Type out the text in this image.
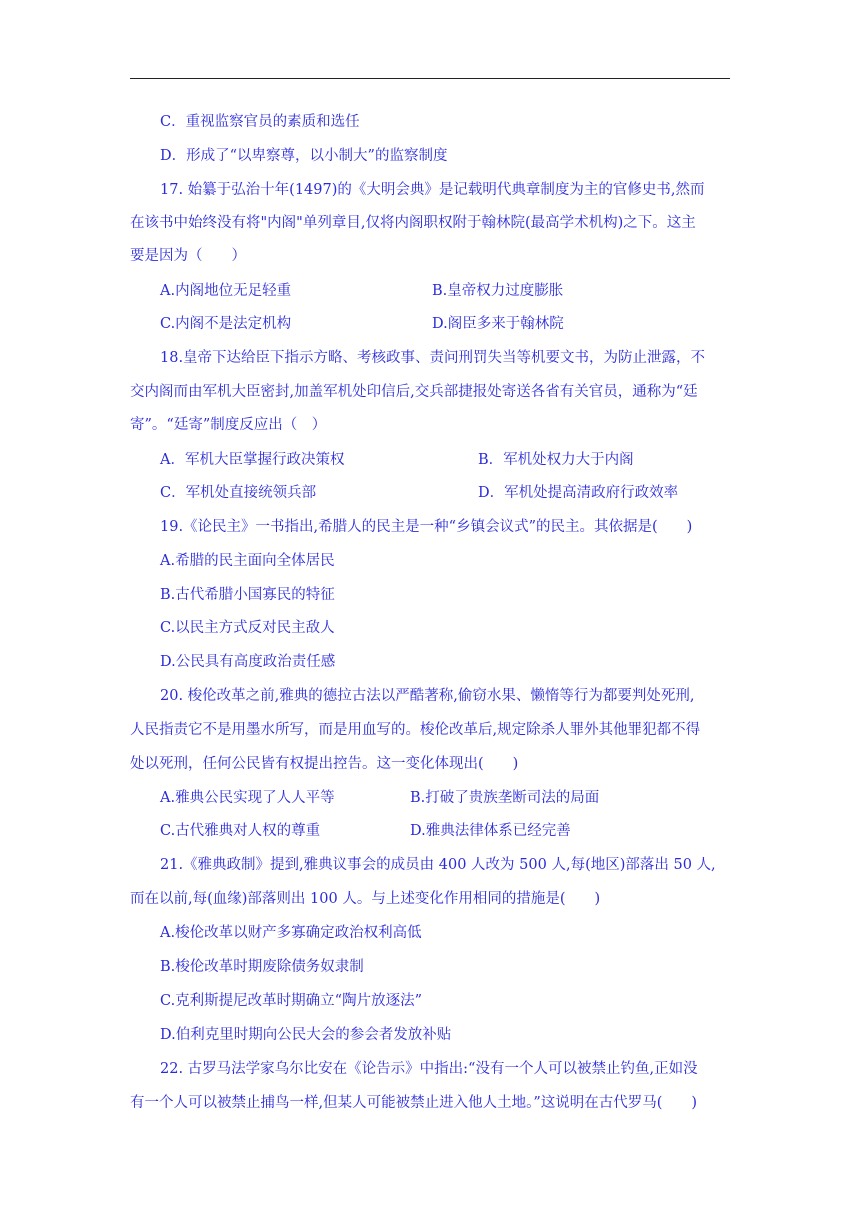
C．重视监察官员的素质和选任
D．形成了“以卑察尊，以小制大”的监察制度
17. 始纂于弘治十年(1497)的《大明会典》是记载明代典章制度为主的官修史书,然而
在该书中始终没有将"内阁"单列章目,仅将内阁职权附于翰林院(最高学术机构)之下。这主
要是因为（　　）
A.内阁地位无足轻重	B.皇帝权力过度膨胀
C.内阁不是法定机构	D.阁臣多来于翰林院
18.皇帝下达给臣下指示方略、考核政事、责问刑罚失当等机要文书，为防止泄露，不
交内阁而由军机大臣密封,加盖军机处印信后,交兵部捷报处寄送各省有关官员，通称为“廷
寄”。“廷寄”制度反应出（　）
A．军机大臣掌握行政决策权	B．军机处权力大于内阁
C．军机处直接统领兵部	D．军机处提高清政府行政效率
19.《论民主》一书指出,希腊人的民主是一种“乡镇会议式”的民主。其依据是(　　)
A.希腊的民主面向全体居民
B.古代希腊小国寡民的特征
C.以民主方式反对民主敌人
D.公民具有高度政治责任感
20. 梭伦改革之前,雅典的德拉古法以严酷著称,偷窃水果、懒惰等行为都要判处死刑,
人民指责它不是用墨水所写，而是用血写的。梭伦改革后,规定除杀人罪外其他罪犯都不得
处以死刑，任何公民皆有权提出控告。这一变化体现出(　　)
A.雅典公民实现了人人平等	B.打破了贵族垄断司法的局面
C.古代雅典对人权的尊重	D.雅典法律体系已经完善
21.《雅典政制》提到,雅典议事会的成员由 400 人改为 500 人,每(地区)部落出 50 人,
而在以前,每(血缘)部落则出 100 人。与上述变化作用相同的措施是(　　)
A.梭伦改革以财产多寡确定政治权利高低
B.梭伦改革时期废除债务奴隶制
C.克利斯提尼改革时期确立“陶片放逐法”
D.伯利克里时期向公民大会的参会者发放补贴
22. 古罗马法学家乌尔比安在《论告示》中指出:“没有一个人可以被禁止钓鱼,正如没
有一个人可以被禁止捕鸟一样,但某人可能被禁止进入他人土地。”这说明在古代罗马(　　)
